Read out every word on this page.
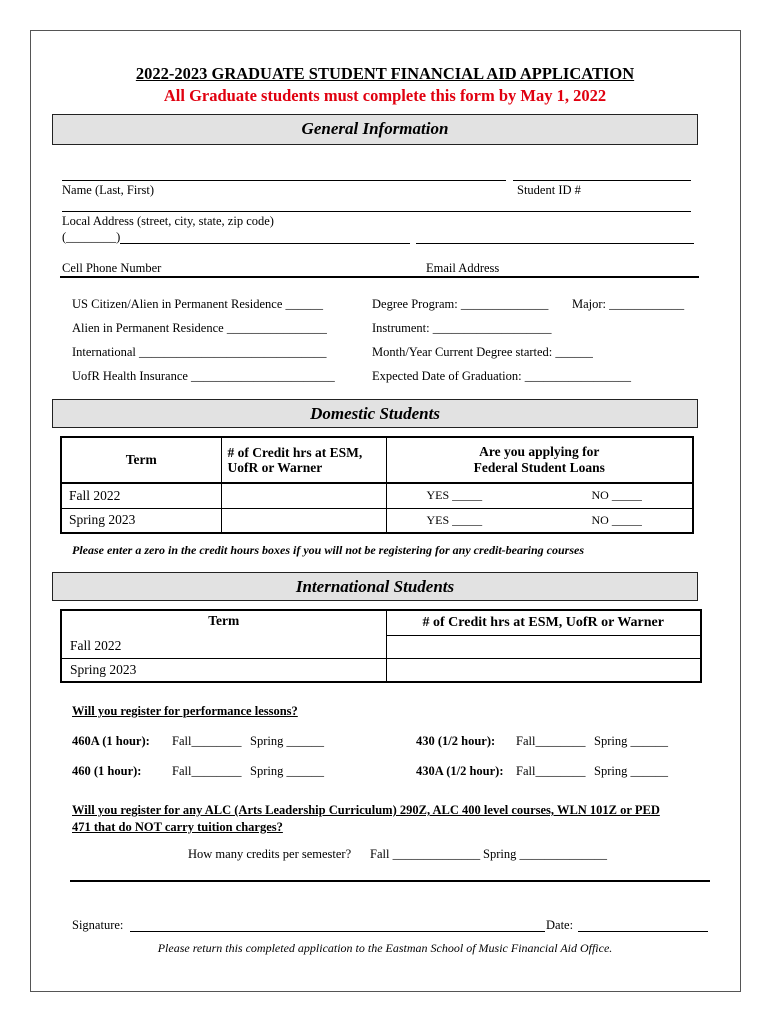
2022-2023 GRADUATE STUDENT FINANCIAL AID APPLICATION
All Graduate students must complete this form by May 1, 2022
General Information
Name (Last, First)	Student ID #
Local Address (street, city, state, zip code)
(________)
Cell Phone Number	Email Address
US Citizen/Alien in Permanent Residence ______
Alien in Permanent Residence ________________
International ______________________________
UofR Health Insurance _______________________
Degree Program: ______________ Major: ____________
Instrument: ___________________
Month/Year Current Degree started: ______
Expected Date of Graduation: _________________
Domestic Students
Term	# of Credit hrs at ESM, UofR or Warner	Are you applying for
Federal Student Loans

Fall 2022		YES _____ NO _____

Spring 2023		YES _____ NO _____
Please enter a zero in the credit hours boxes if you will not be registering for any credit-bearing courses
International Students
Term	# of Credit hrs at ESM, UofR or Warner
Fall 2022	
Spring 2023	
Will you register for performance lessons?
460A (1 hour): Fall________ Spring ______
460 (1 hour): Fall________ Spring ______
430 (1/2 hour): Fall________ Spring ______
430A (1/2 hour): Fall________ Spring ______
Will you register for any ALC (Arts Leadership Curriculum) 290Z, ALC 400 level courses, WLN 101Z or PED
471 that do NOT carry tuition charges?
How many credits per semester? Fall ______________ Spring ______________
Signature:	Date:
Please return this completed application to the Eastman School of Music Financial Aid Office.
